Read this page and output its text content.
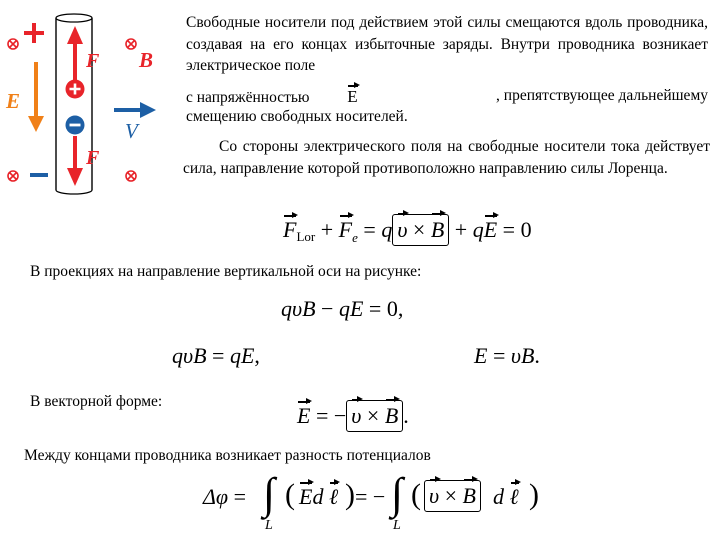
F
F
B
E
V
Свободные носители под действием этой силы смещаются вдоль проводника, создавая на его концах избыточные заряды. Внутри проводника возникает электрическое поле
с напряжённостью E	, препятствующее дальнейшему
смещению свободных носителей.
Со стороны электрического поля на свободные носители тока действует сила, направление которой противоположно направлению силы Лоренца.
$F_{Lor} + F_e = q$ υ × B + qE = 0
В проекциях на направление вертикальной оси на рисунке:
qυB − qE = 0,
qυB = qE,	E = υB.
В векторной форме:
E = − υ × B .
Между концами проводника возникает разность потенциалов
Δφ = ∫
L
( Ed ℓ ) = − ∫
L
( υ × B d ℓ )
